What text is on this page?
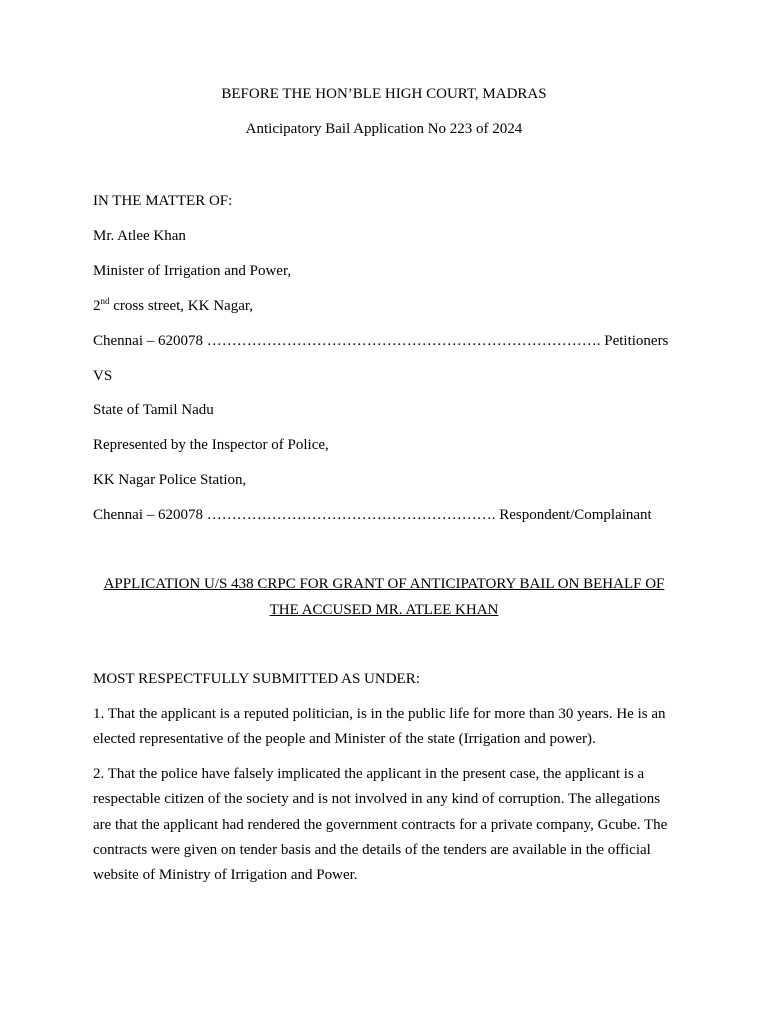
BEFORE THE HON’BLE HIGH COURT, MADRAS
Anticipatory Bail Application No 223 of 2024
IN THE MATTER OF:
Mr. Atlee Khan
Minister of Irrigation and Power,
2nd cross street, KK Nagar,
Chennai – 620078 ……………………………………………………………………. Petitioners
VS
State of Tamil Nadu
Represented by the Inspector of Police,
KK Nagar Police Station,
Chennai – 620078 …………………………………………………. Respondent/Complainant
APPLICATION U/S 438 CRPC FOR GRANT OF ANTICIPATORY BAIL ON BEHALF OF
THE ACCUSED MR. ATLEE KHAN
MOST RESPECTFULLY SUBMITTED AS UNDER:
1. That the applicant is a reputed politician, is in the public life for more than 30 years. He is an elected representative of the people and Minister of the state (Irrigation and power).
2. That the police have falsely implicated the applicant in the present case, the applicant is a respectable citizen of the society and is not involved in any kind of corruption. The allegations are that the applicant had rendered the government contracts for a private company, Gcube. The contracts were given on tender basis and the details of the tenders are available in the official website of Ministry of Irrigation and Power.
